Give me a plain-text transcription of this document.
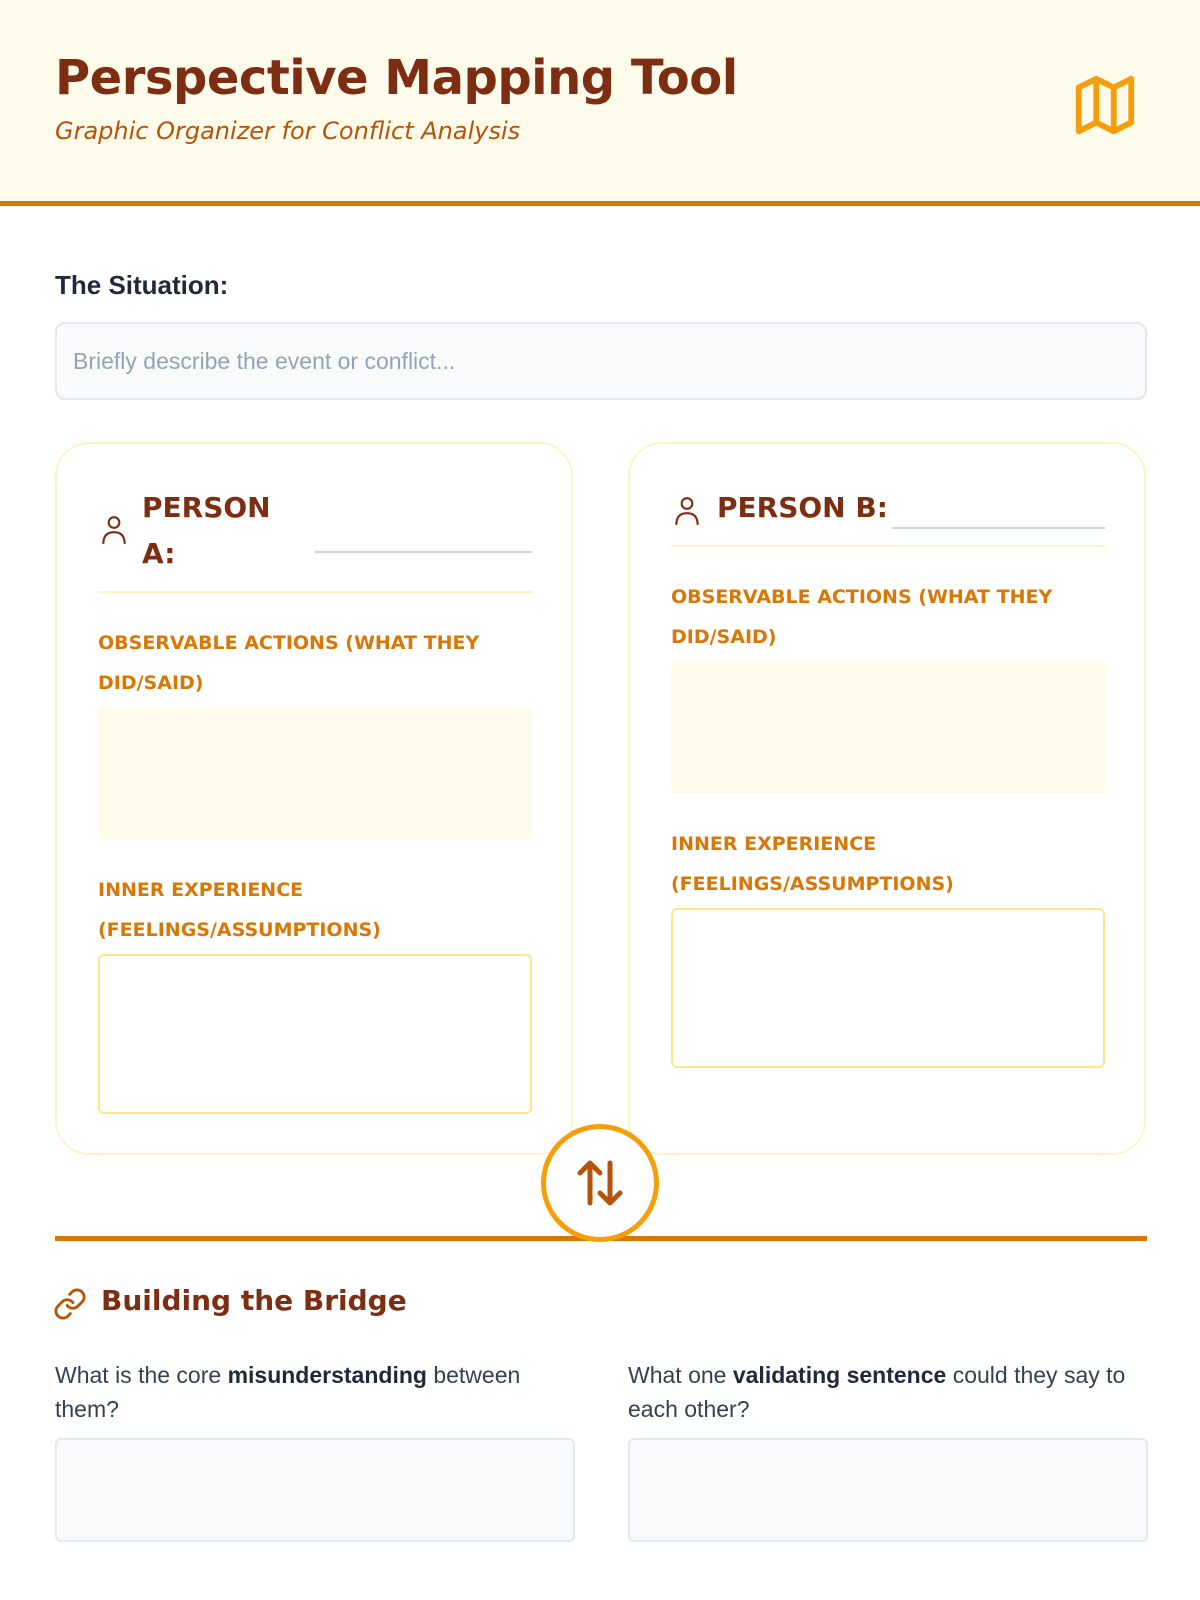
Perspective Mapping Tool

Graphic Organizer for Conflict Analysis

The Situation:
Briefly describe the event or conflict...
PERSON A:
OBSERVABLE ACTIONS (WHAT THEY DID/SAID)
INNER EXPERIENCE (FEELINGS/ASSUMPTIONS)
PERSON B:
OBSERVABLE ACTIONS (WHAT THEY DID/SAID)
INNER EXPERIENCE (FEELINGS/ASSUMPTIONS)
Building the Bridge

What is the core misunderstanding between them?

What one validating sentence could they say to each other?
